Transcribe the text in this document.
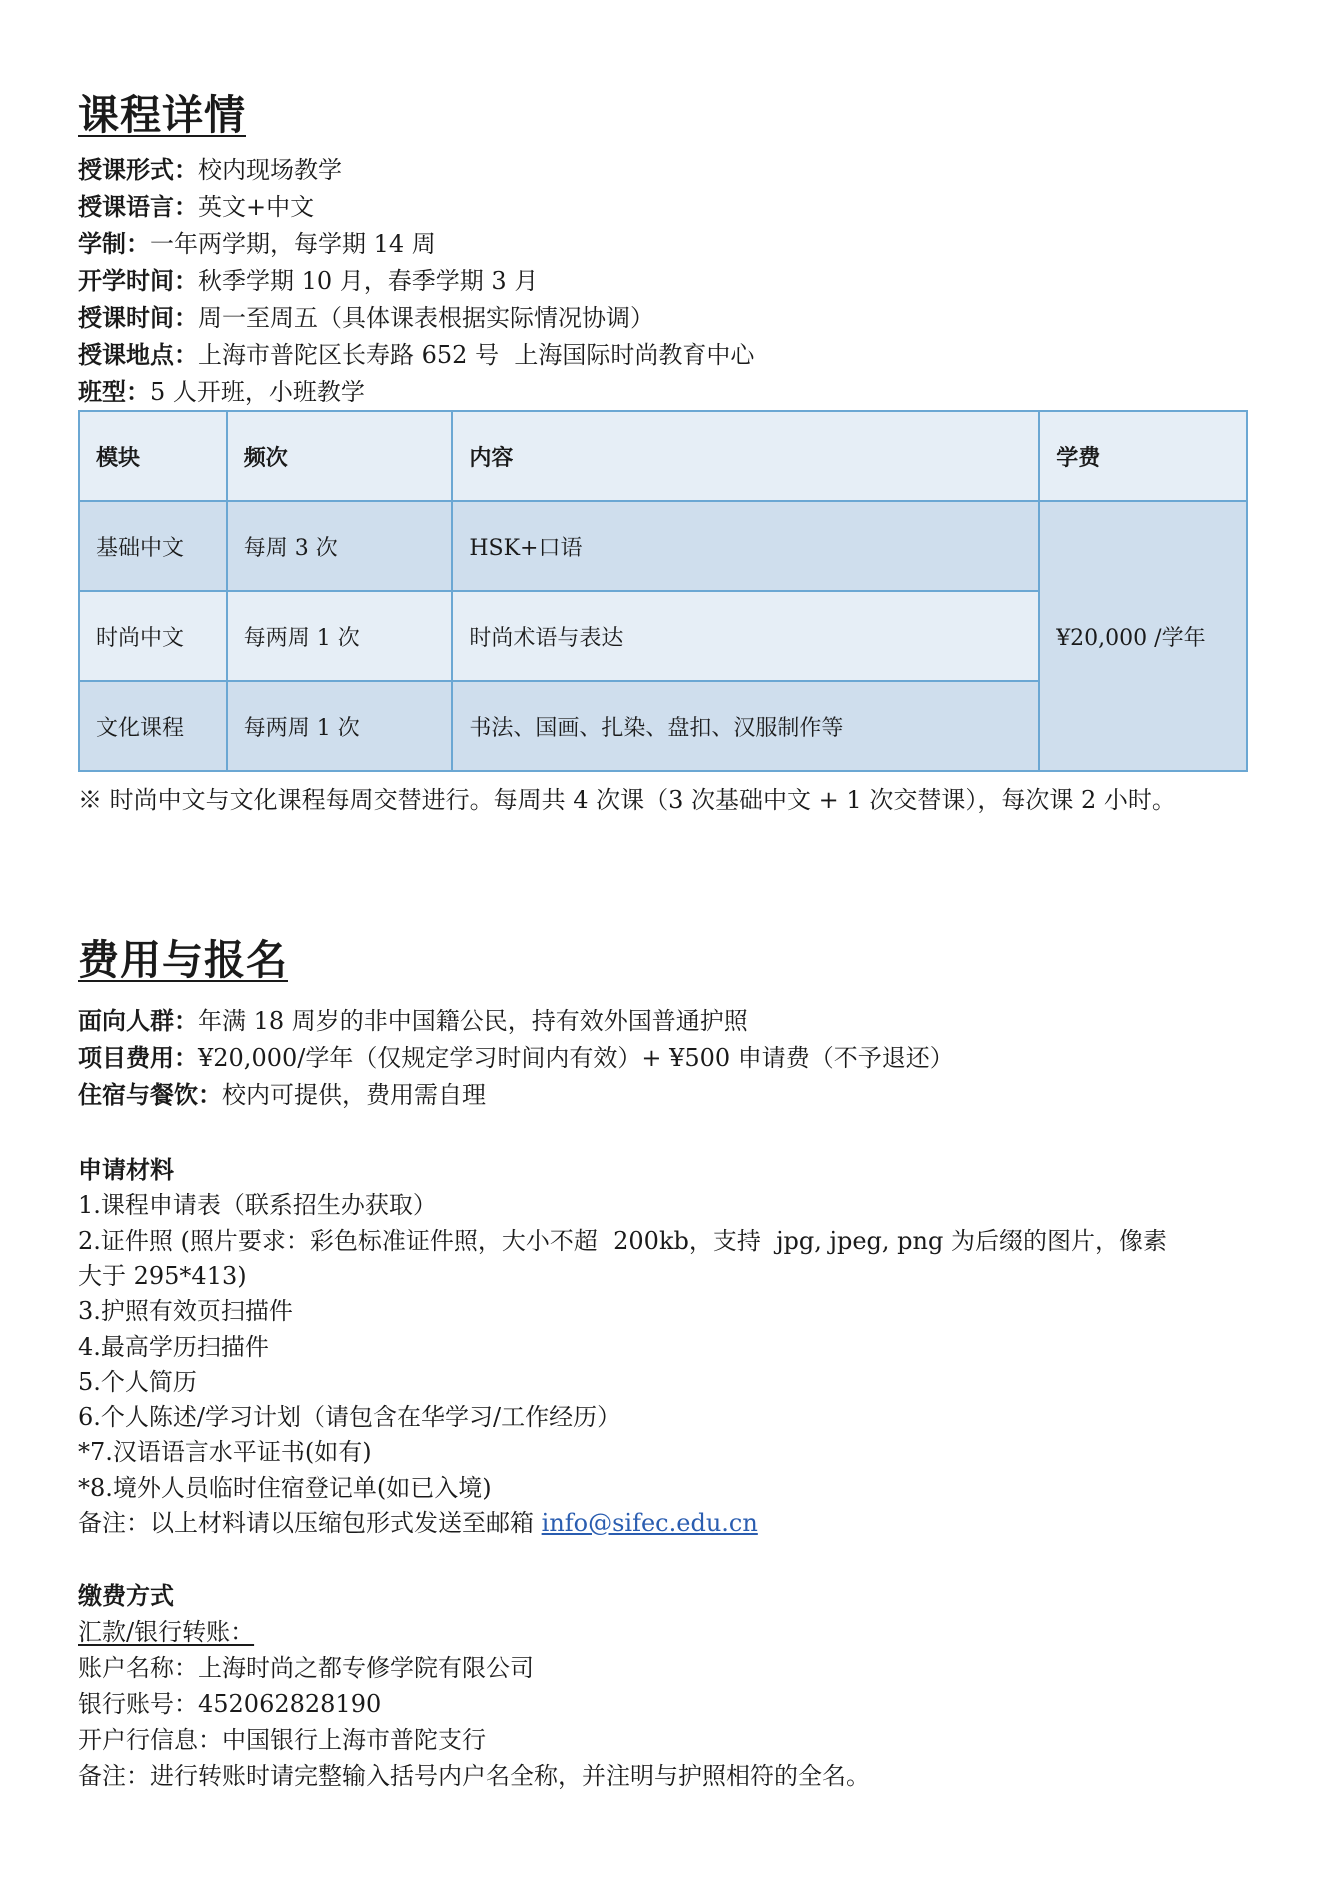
课程详情
授课形式：校内现场教学
授课语言：英文+中文
学制：一年两学期，每学期 14 周
开学时间：秋季学期 10 月，春季学期 3 月
授课时间：周一至周五（具体课表根据实际情况协调）
授课地点：上海市普陀区长寿路 652 号  上海国际时尚教育中心
班型：5 人开班，小班教学
模块	频次	内容	学费
基础中文	每周 3 次	HSK+口语	¥20,000 /学年
时尚中文	每两周 1 次	时尚术语与表达	
文化课程	每两周 1 次	书法、国画、扎染、盘扣、汉服制作等	
※ 时尚中文与文化课程每周交替进行。每周共 4 次课（3 次基础中文 + 1 次交替课），每次课 2 小时。
费用与报名
面向人群：年满 18 周岁的非中国籍公民，持有效外国普通护照
项目费用：¥20,000/学年（仅规定学习时间内有效）+ ¥500 申请费（不予退还）
住宿与餐饮：校内可提供，费用需自理
申请材料
1.课程申请表（联系招生办获取）
2.证件照 (照片要求：彩色标准证件照，大小不超  200kb，支持  jpg, jpeg, png 为后缀的图片，像素
大于 295*413)
3.护照有效页扫描件
4.最高学历扫描件
5.个人简历
6.个人陈述/学习计划（请包含在华学习/工作经历）
*7.汉语语言水平证书(如有)
*8.境外人员临时住宿登记单(如已入境)
备注：以上材料请以压缩包形式发送至邮箱 info@sifec.edu.cn
缴费方式
汇款/银行转账：
账户名称：上海时尚之都专修学院有限公司
银行账号：452062828190
开户行信息：中国银行上海市普陀支行
备注：进行转账时请完整输入括号内户名全称，并注明与护照相符的全名。
